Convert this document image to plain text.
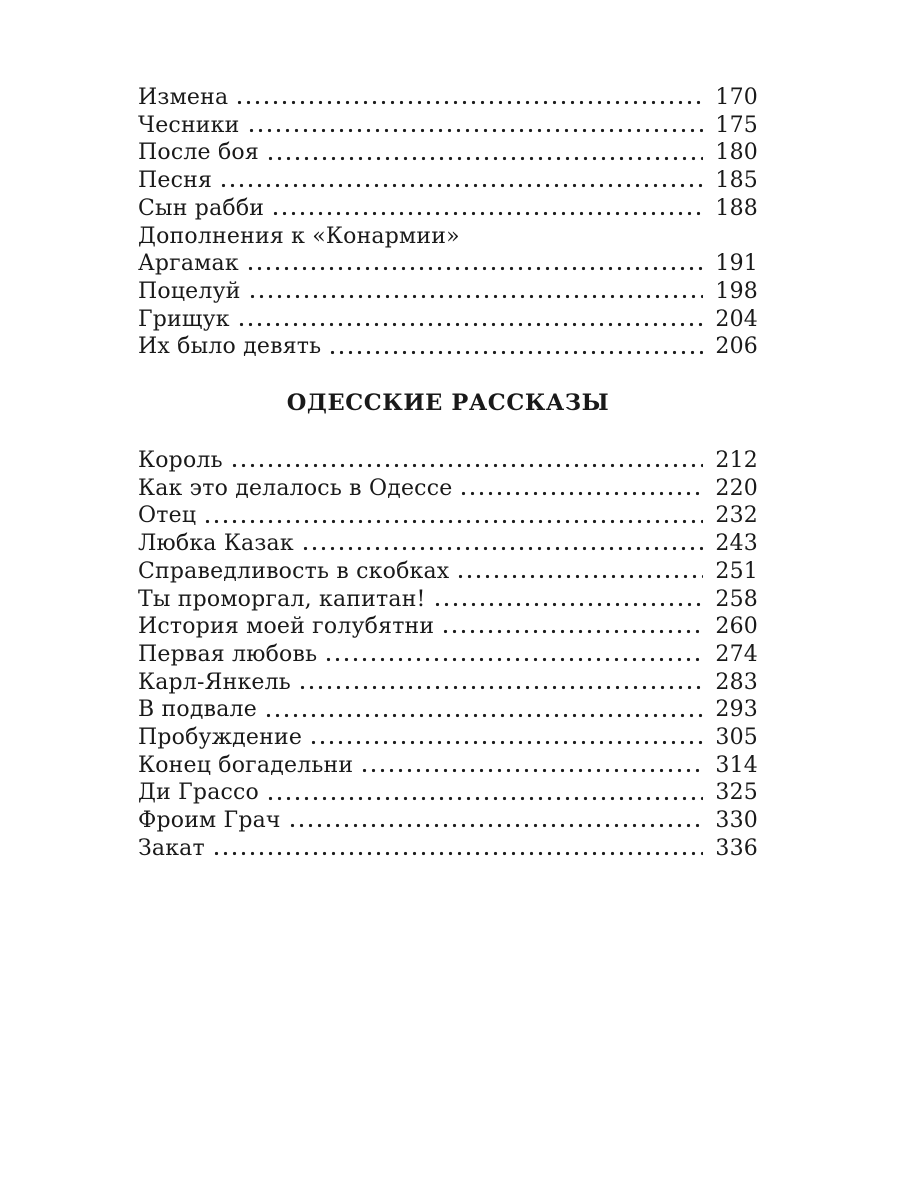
Измена	170
Чесники	175
После боя	180
Песня	185
Сын рабби	188
Дополнения к «Конармии»
Аргамак	191
Поцелуй	198
Грищук	204
Их было девять	206
ОДЕССКИЕ РАССКАЗЫ
Король	212
Как это делалось в Одессе	220
Отец	232
Любка Казак	243
Справедливость в скобках	251
Ты проморгал, капитан!	258
История моей голубятни	260
Первая любовь	274
Карл-Янкель	283
В подвале	293
Пробуждение	305
Конец богадельни	314
Ди Грассо	325
Фроим Грач	330
Закат	336
